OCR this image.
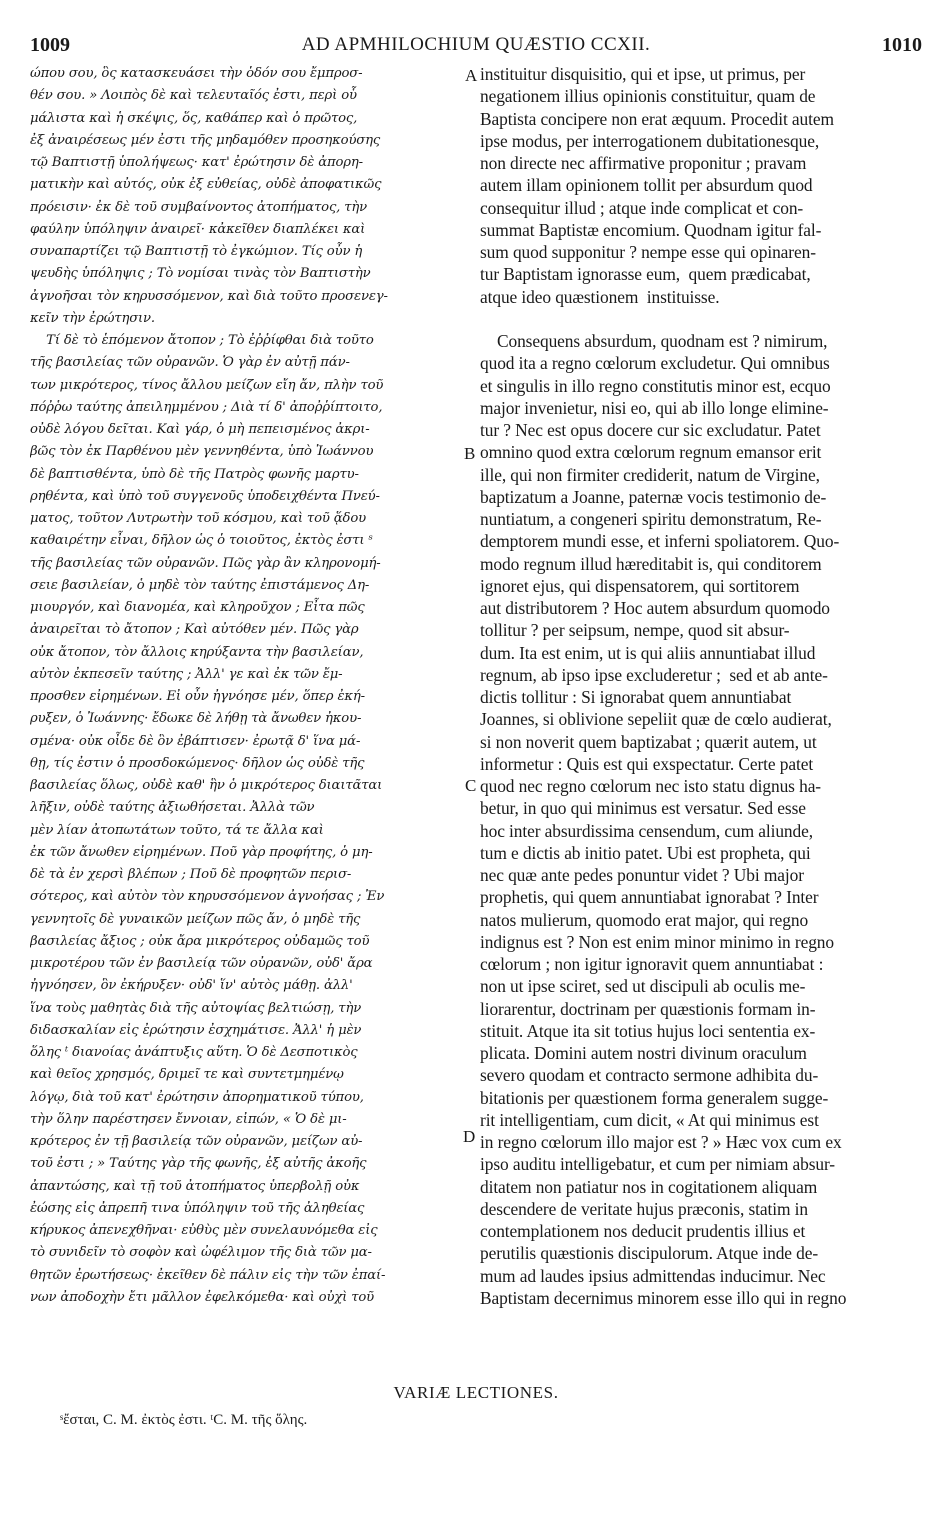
1009	AD APMHILOCHIUM QUÆSTIO CCXII.	1010
ώπου σου, ὃς κατασκευάσει τὴν ὁδόν σου ἔμπροσ-
θέν σου. » Λοιπὸς δὲ καὶ τελευταῖός ἐστι, περὶ οὗ
μάλιστα καὶ ἡ σκέψις, ὅς, καθάπερ καὶ ὁ πρῶτος,
ἐξ ἀναιρέσεως μέν ἐστι τῆς μηδαμόθεν προσηκούσης
τῷ Βαπτιστῇ ὑπολήψεως· κατ' ἐρώτησιν δὲ ἀπορη-
ματικὴν καὶ αὐτός, οὐκ ἐξ εὐθείας, οὐδὲ ἀποφατικῶς
πρόεισιν· ἐκ δὲ τοῦ συμβαίνοντος ἀτοπήματος, τὴν
φαύλην ὑπόληψιν ἀναιρεῖ· κἀκεῖθεν διαπλέκει καὶ
συναπαρτίζει τῷ Βαπτιστῇ τὸ ἐγκώμιον. Τίς οὖν ἡ
ψευδὴς ὑπόληψις ; Τὸ νομίσαι τινὰς τὸν Βαπτιστὴν
ἀγνοῆσαι τὸν κηρυσσόμενον, καὶ διὰ τοῦτο προσενεγ-
κεῖν τὴν ἐρώτησιν.
Τί δὲ τὸ ἑπόμενον ἄτοπον ; Τὸ ἐῤῥίφθαι διὰ τοῦτο
τῆς βασιλείας τῶν οὐρανῶν. Ὁ γὰρ ἐν αὐτῇ πάν-
των μικρότερος, τίνος ἄλλου μείζων εἴη ἄν, πλὴν τοῦ
πόῤῥω ταύτης ἀπειλημμένου ; Διὰ τί δ' ἀποῤῥίπτοιτο,
οὐδὲ λόγου δεῖται. Καὶ γάρ, ὁ μὴ πεπεισμένος ἀκρι-
βῶς τὸν ἐκ Παρθένου μὲν γεννηθέντα, ὑπὸ Ἰωάννου
δὲ βαπτισθέντα, ὑπὸ δὲ τῆς Πατρὸς φωνῆς μαρτυ-
ρηθέντα, καὶ ὑπὸ τοῦ συγγενοῦς ὑποδειχθέντα Πνεύ-
ματος, τοῦτον Λυτρωτὴν τοῦ κόσμου, καὶ τοῦ ᾅδου
καθαιρέτην εἶναι, δῆλον ὡς ὁ τοιοῦτος, ἐκτὸς ἐστι ˢ
τῆς βασιλείας τῶν οὐρανῶν. Πῶς γὰρ ἂν κληρονομή-
σειε βασιλείαν, ὁ μηδὲ τὸν ταύτης ἐπιστάμενος Δη-
μιουργόν, καὶ διανομέα, καὶ κληροῦχον ; Εἶτα πῶς
ἀναιρεῖται τὸ ἄτοπον ; Καὶ αὐτόθεν μέν. Πῶς γὰρ
οὐκ ἄτοπον, τὸν ἄλλοις κηρύξαντα τὴν βασιλείαν,
αὐτὸν ἐκπεσεῖν ταύτης ; Ἀλλ' γε καὶ ἐκ τῶν ἔμ-
προσθεν εἰρημένων. Εἰ οὖν ἠγνόησε μέν, ὅπερ ἐκή-
ρυξεν, ὁ Ἰωάννης· ἔδωκε δὲ λήθῃ τὰ ἄνωθεν ἠκου-
σμένα· οὐκ οἶδε δὲ ὃν ἐβάπτισεν· ἐρωτᾷ δ' ἵνα μά-
θῃ, τίς ἐστιν ὁ προσδοκώμενος· δῆλον ὡς οὐδὲ τῆς
βασιλείας ὅλως, οὐδὲ καθ' ἣν ὁ μικρότερος διαιτᾶται
λῆξιν, οὐδὲ ταύτης ἀξιωθήσεται. Ἀλλὰ τῶν
μὲν λίαν ἀτοπωτάτων τοῦτο, τά τε ἄλλα καὶ
ἐκ τῶν ἄνωθεν εἰρημένων. Ποῦ γὰρ προφήτης, ὁ μη-
δὲ τὰ ἐν χερσὶ βλέπων ; Ποῦ δὲ προφητῶν περισ-
σότερος, καὶ αὐτὸν τὸν κηρυσσόμενον ἀγνοήσας ; Ἐν
γεννητοῖς δὲ γυναικῶν μείζων πῶς ἄν, ὁ μηδὲ τῆς
βασιλείας ἄξιος ; οὐκ ἄρα μικρότερος οὐδαμῶς τοῦ
μικροτέρου τῶν ἐν βασιλείᾳ τῶν οὐρανῶν, οὐδ' ἄρα
ἠγνόησεν, ὃν ἐκήρυξεν· οὐδ' ἵν' αὐτὸς μάθῃ. ἀλλ'
ἵνα τοὺς μαθητὰς διὰ τῆς αὐτοψίας βελτιώσῃ, τὴν
διδασκαλίαν εἰς ἐρώτησιν ἐσχημάτισε. Ἀλλ' ἡ μὲν
ὅλης ᵗ διανοίας ἀνάπτυξις αὕτη. Ὁ δὲ Δεσποτικὸς
καὶ θεῖος χρησμός, δριμεῖ τε καὶ συντετμημένῳ
λόγῳ, διὰ τοῦ κατ' ἐρώτησιν ἀπορηματικοῦ τύπου,
τὴν ὅλην παρέστησεν ἔννοιαν, εἰπών, « Ὁ δὲ μι-
κρότερος ἐν τῇ βασιλείᾳ τῶν οὐρανῶν, μείζων αὐ-
τοῦ ἐστι ; » Ταύτης γὰρ τῆς φωνῆς, ἐξ αὐτῆς ἀκοῆς
ἀπαντώσης, καὶ τῇ τοῦ ἀτοπήματος ὑπερβολῇ οὐκ
ἐώσης εἰς ἀπρεπῆ τινα ὑπόληψιν τοῦ τῆς ἀληθείας
κήρυκος ἀπενεχθῆναι· εὐθὺς μὲν συνελαυνόμεθα εἰς
τὸ συνιδεῖν τὸ σοφὸν καὶ ὠφέλιμον τῆς διὰ τῶν μα-
θητῶν ἐρωτήσεως· ἐκεῖθεν δὲ πάλιν εἰς τὴν τῶν ἐπαί-
νων ἀποδοχὴν ἔτι μᾶλλον ἐφελκόμεθα· καὶ οὐχὶ τοῦ
instituitur disquisitio, qui et ipse, ut primus, per
negationem illius opinionis constituitur, quam de
Baptista concipere non erat æquum. Procedit autem
ipse modus, per interrogationem dubitationesque,
non directe nec affirmative proponitur ; pravam
autem illam opinionem tollit per absurdum quod
consequitur illud ; atque inde complicat et con-
summat Baptistæ encomium. Quodnam igitur fal-
sum quod supponitur ? nempe esse qui opinaren-
tur Baptistam ignorasse eum,  quem prædicabat,
atque ideo quæstionem  instituisse.
Consequens absurdum, quodnam est ? nimirum,
quod ita a regno cœlorum excludetur. Qui omnibus
et singulis in illo regno constitutis minor est, ecquo
major invenietur, nisi eo, qui ab illo longe elimine-
tur ? Nec est opus docere cur sic excludatur. Patet
omnino quod extra cœlorum regnum emansor erit
ille, qui non firmiter crediderit, natum de Virgine,
baptizatum a Joanne, paternæ vocis testimonio de-
nuntiatum, a congeneri spiritu demonstratum, Re-
demptorem mundi esse, et inferni spoliatorem. Quo-
modo regnum illud hæreditabit is, qui conditorem
ignoret ejus, qui dispensatorem, qui sortitorem
aut distributorem ? Hoc autem absurdum quomodo
tollitur ? per seipsum, nempe, quod sit absur-
dum. Ita est enim, ut is qui aliis annuntiabat illud
regnum, ab ipso ipse excluderetur ;  sed et ab ante-
dictis tollitur : Si ignorabat quem annuntiabat
Joannes, si oblivione sepeliit quæ de cœlo audierat,
si non noverit quem baptizabat ; quærit autem, ut
informetur : Quis est qui exspectatur. Certe patet
quod nec regno cœlorum nec isto statu dignus ha-
betur, in quo qui minimus est versatur. Sed esse
hoc inter absurdissima censendum, cum aliunde,
tum e dictis ab initio patet. Ubi est propheta, qui
nec quæ ante pedes ponuntur videt ? Ubi major
prophetis, qui quem annuntiabat ignorabat ? Inter
natos mulierum, quomodo erat major, qui regno
indignus est ? Non est enim minor minimo in regno
cœlorum ; non igitur ignoravit quem annuntiabat :
non ut ipse sciret, sed ut discipuli ab oculis me-
liorarentur, doctrinam per quæstionis formam in-
stituit. Atque ita sit totius hujus loci sententia ex-
plicata. Domini autem nostri divinum oraculum
severo quodam et contracto sermone adhibita du-
bitationis per quæstionem forma generalem sugge-
rit intelligentiam, cum dicit, « At qui minimus est
in regno cœlorum illo major est ? » Hæc vox cum ex
ipso auditu intelligebatur, et cum per nimiam absur-
ditatem non patiatur nos in cogitationem aliquam
descendere de veritate hujus præconis, statim in
contemplationem nos deducit prudentis illius et
perutilis quæstionis discipulorum. Atque inde de-
mum ad laudes ipsius admittendas inducimur. Nec
Baptistam decernimus minorem esse illo qui in regno
A
B
C
D
VARIÆ LECTIONES.
ˢἔσται, C. M. ἐκτὸς ἐστι. ᵗC. M. τῆς ὅλης.
